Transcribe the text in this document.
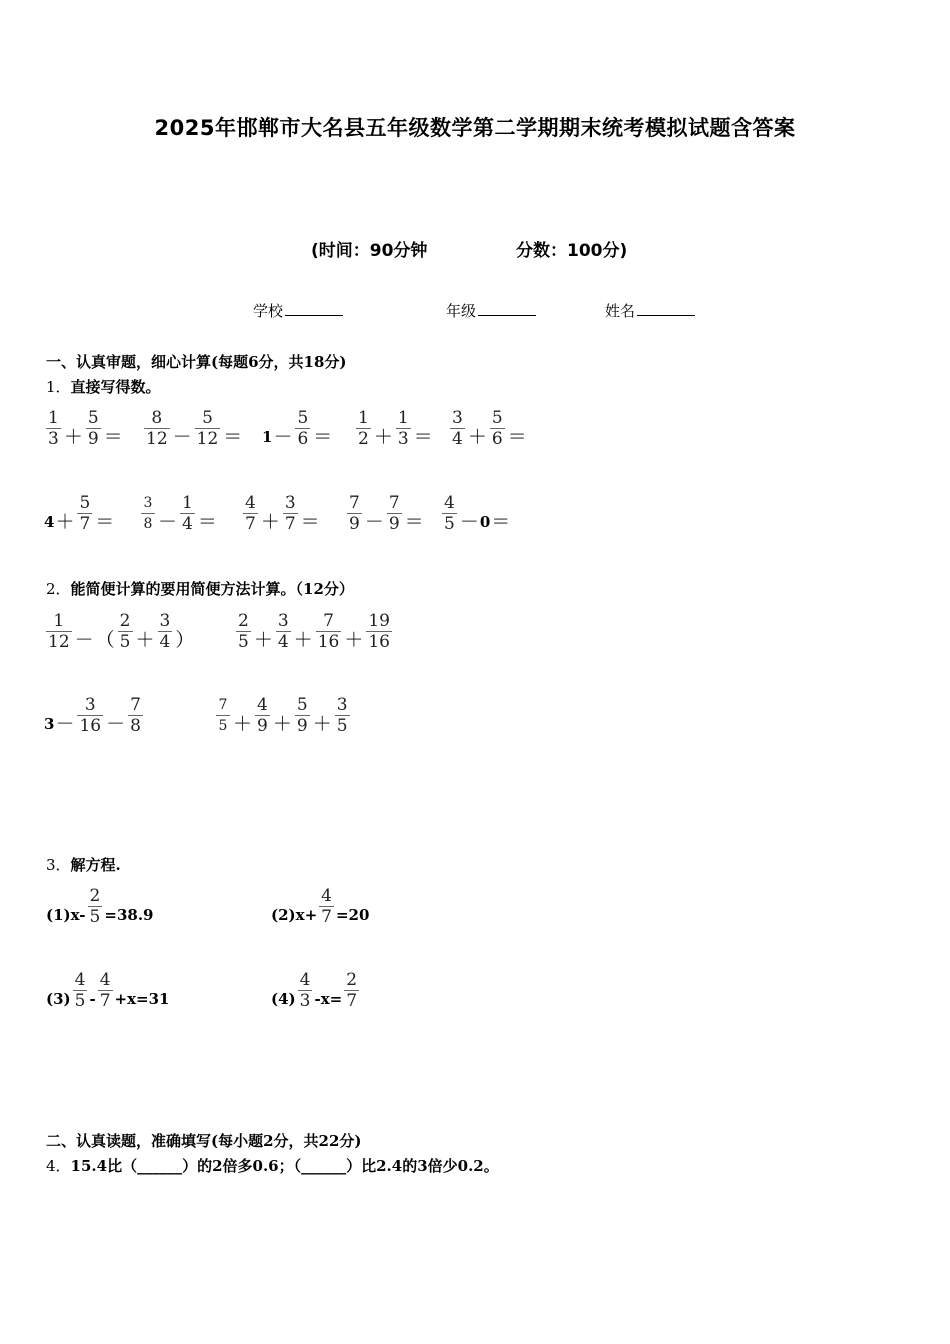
2025年邯郸市大名县五年级数学第二学期期末统考模拟试题含答案
(时间：90分钟	分数：100分)
学校	年级	姓名
一、认真审题，细心计算(每题6分，共18分)
1．直接写得数。
$\frac{1}{3} + \frac{5}{9} = \frac{8}{12} - \frac{5}{12} = 1 - \frac{5}{6} = \frac{1}{2} + \frac{1}{3} = \frac{3}{4} + \frac{5}{6}$ ＝
$4 + \frac{5}{7} = \frac{3}{8} - \frac{1}{4} = \frac{4}{7} + \frac{3}{7} = \frac{7}{9} - \frac{7}{9} = \frac{4}{5} - 0$ ＝
2．能简便计算的要用简便方法计算。（12分）
$\frac{1}{12}$ － （ $\frac{2}{5} + \frac{3}{4}$ ） $\frac{2}{5} + \frac{3}{4} + \frac{7}{16} + \frac{19}{16}$
$3 - \frac{3}{16} - \frac{7}{8}$	$\frac{7}{5} + \frac{4}{9} + \frac{5}{9} + \frac{3}{5}$
3．解方程.
$(1)x- \frac{2}{5} =38.9$	$(2)x+ \frac{4}{7} =20$
$(3) \frac{4}{5} - \frac{4}{7} +x=31$	$(4) \frac{4}{3} -x= \frac{2}{7}$
二、认真读题，准确填写(每小题2分，共22分)
4．15.4比（______）的2倍多0.6；（______）比2.4的3倍少0.2。
